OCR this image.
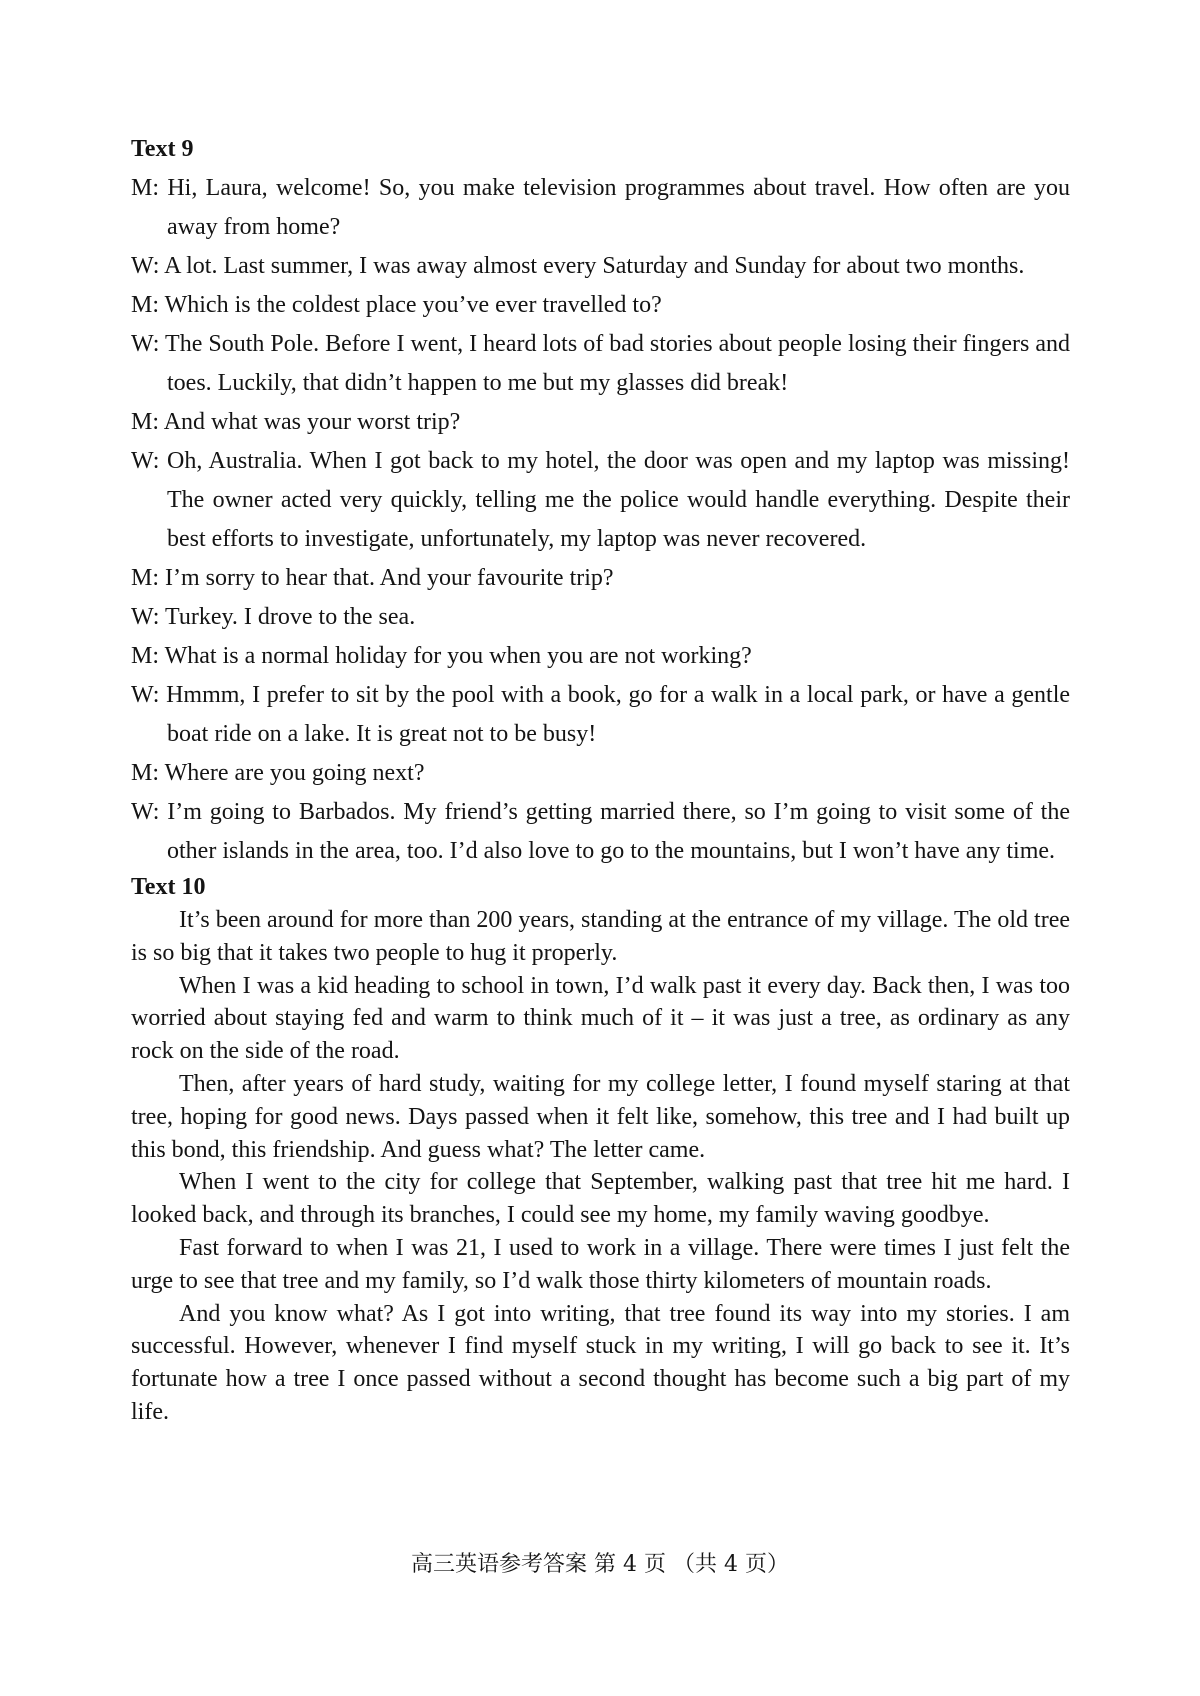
Text 9

M: Hi, Laura, welcome! So, you make television programmes about travel. How often are you away from home?

W: A lot. Last summer, I was away almost every Saturday and Sunday for about two months.

M: Which is the coldest place you’ve ever travelled to?

W: The South Pole. Before I went, I heard lots of bad stories about people losing their fingers and toes. Luckily, that didn’t happen to me but my glasses did break!

M: And what was your worst trip?

W: Oh, Australia. When I got back to my hotel, the door was open and my laptop was missing! The owner acted very quickly, telling me the police would handle everything. Despite their best efforts to investigate, unfortunately, my laptop was never recovered.

M: I’m sorry to hear that. And your favourite trip?

W: Turkey. I drove to the sea.

M: What is a normal holiday for you when you are not working?

W: Hmmm, I prefer to sit by the pool with a book, go for a walk in a local park, or have a gentle boat ride on a lake. It is great not to be busy!

M: Where are you going next?

W: I’m going to Barbados. My friend’s getting married there, so I’m going to visit some of the other islands in the area, too. I’d also love to go to the mountains, but I won’t have any time.

Text 10

It’s been around for more than 200 years, standing at the entrance of my village. The old tree is so big that it takes two people to hug it properly.

When I was a kid heading to school in town, I’d walk past it every day. Back then, I was too worried about staying fed and warm to think much of it – it was just a tree, as ordinary as any rock on the side of the road.

Then, after years of hard study, waiting for my college letter, I found myself staring at that tree, hoping for good news. Days passed when it felt like, somehow, this tree and I had built up this bond, this friendship. And guess what? The letter came.

When I went to the city for college that September, walking past that tree hit me hard. I looked back, and through its branches, I could see my home, my family waving goodbye.

Fast forward to when I was 21, I used to work in a village. There were times I just felt the urge to see that tree and my family, so I’d walk those thirty kilometers of mountain roads.

And you know what? As I got into writing, that tree found its way into my stories. I am successful. However, whenever I find myself stuck in my writing, I will go back to see it. It’s fortunate how a tree I once passed without a second thought has become such a big part of my life.

高三英语参考答案 第 4 页 （共 4 页）
